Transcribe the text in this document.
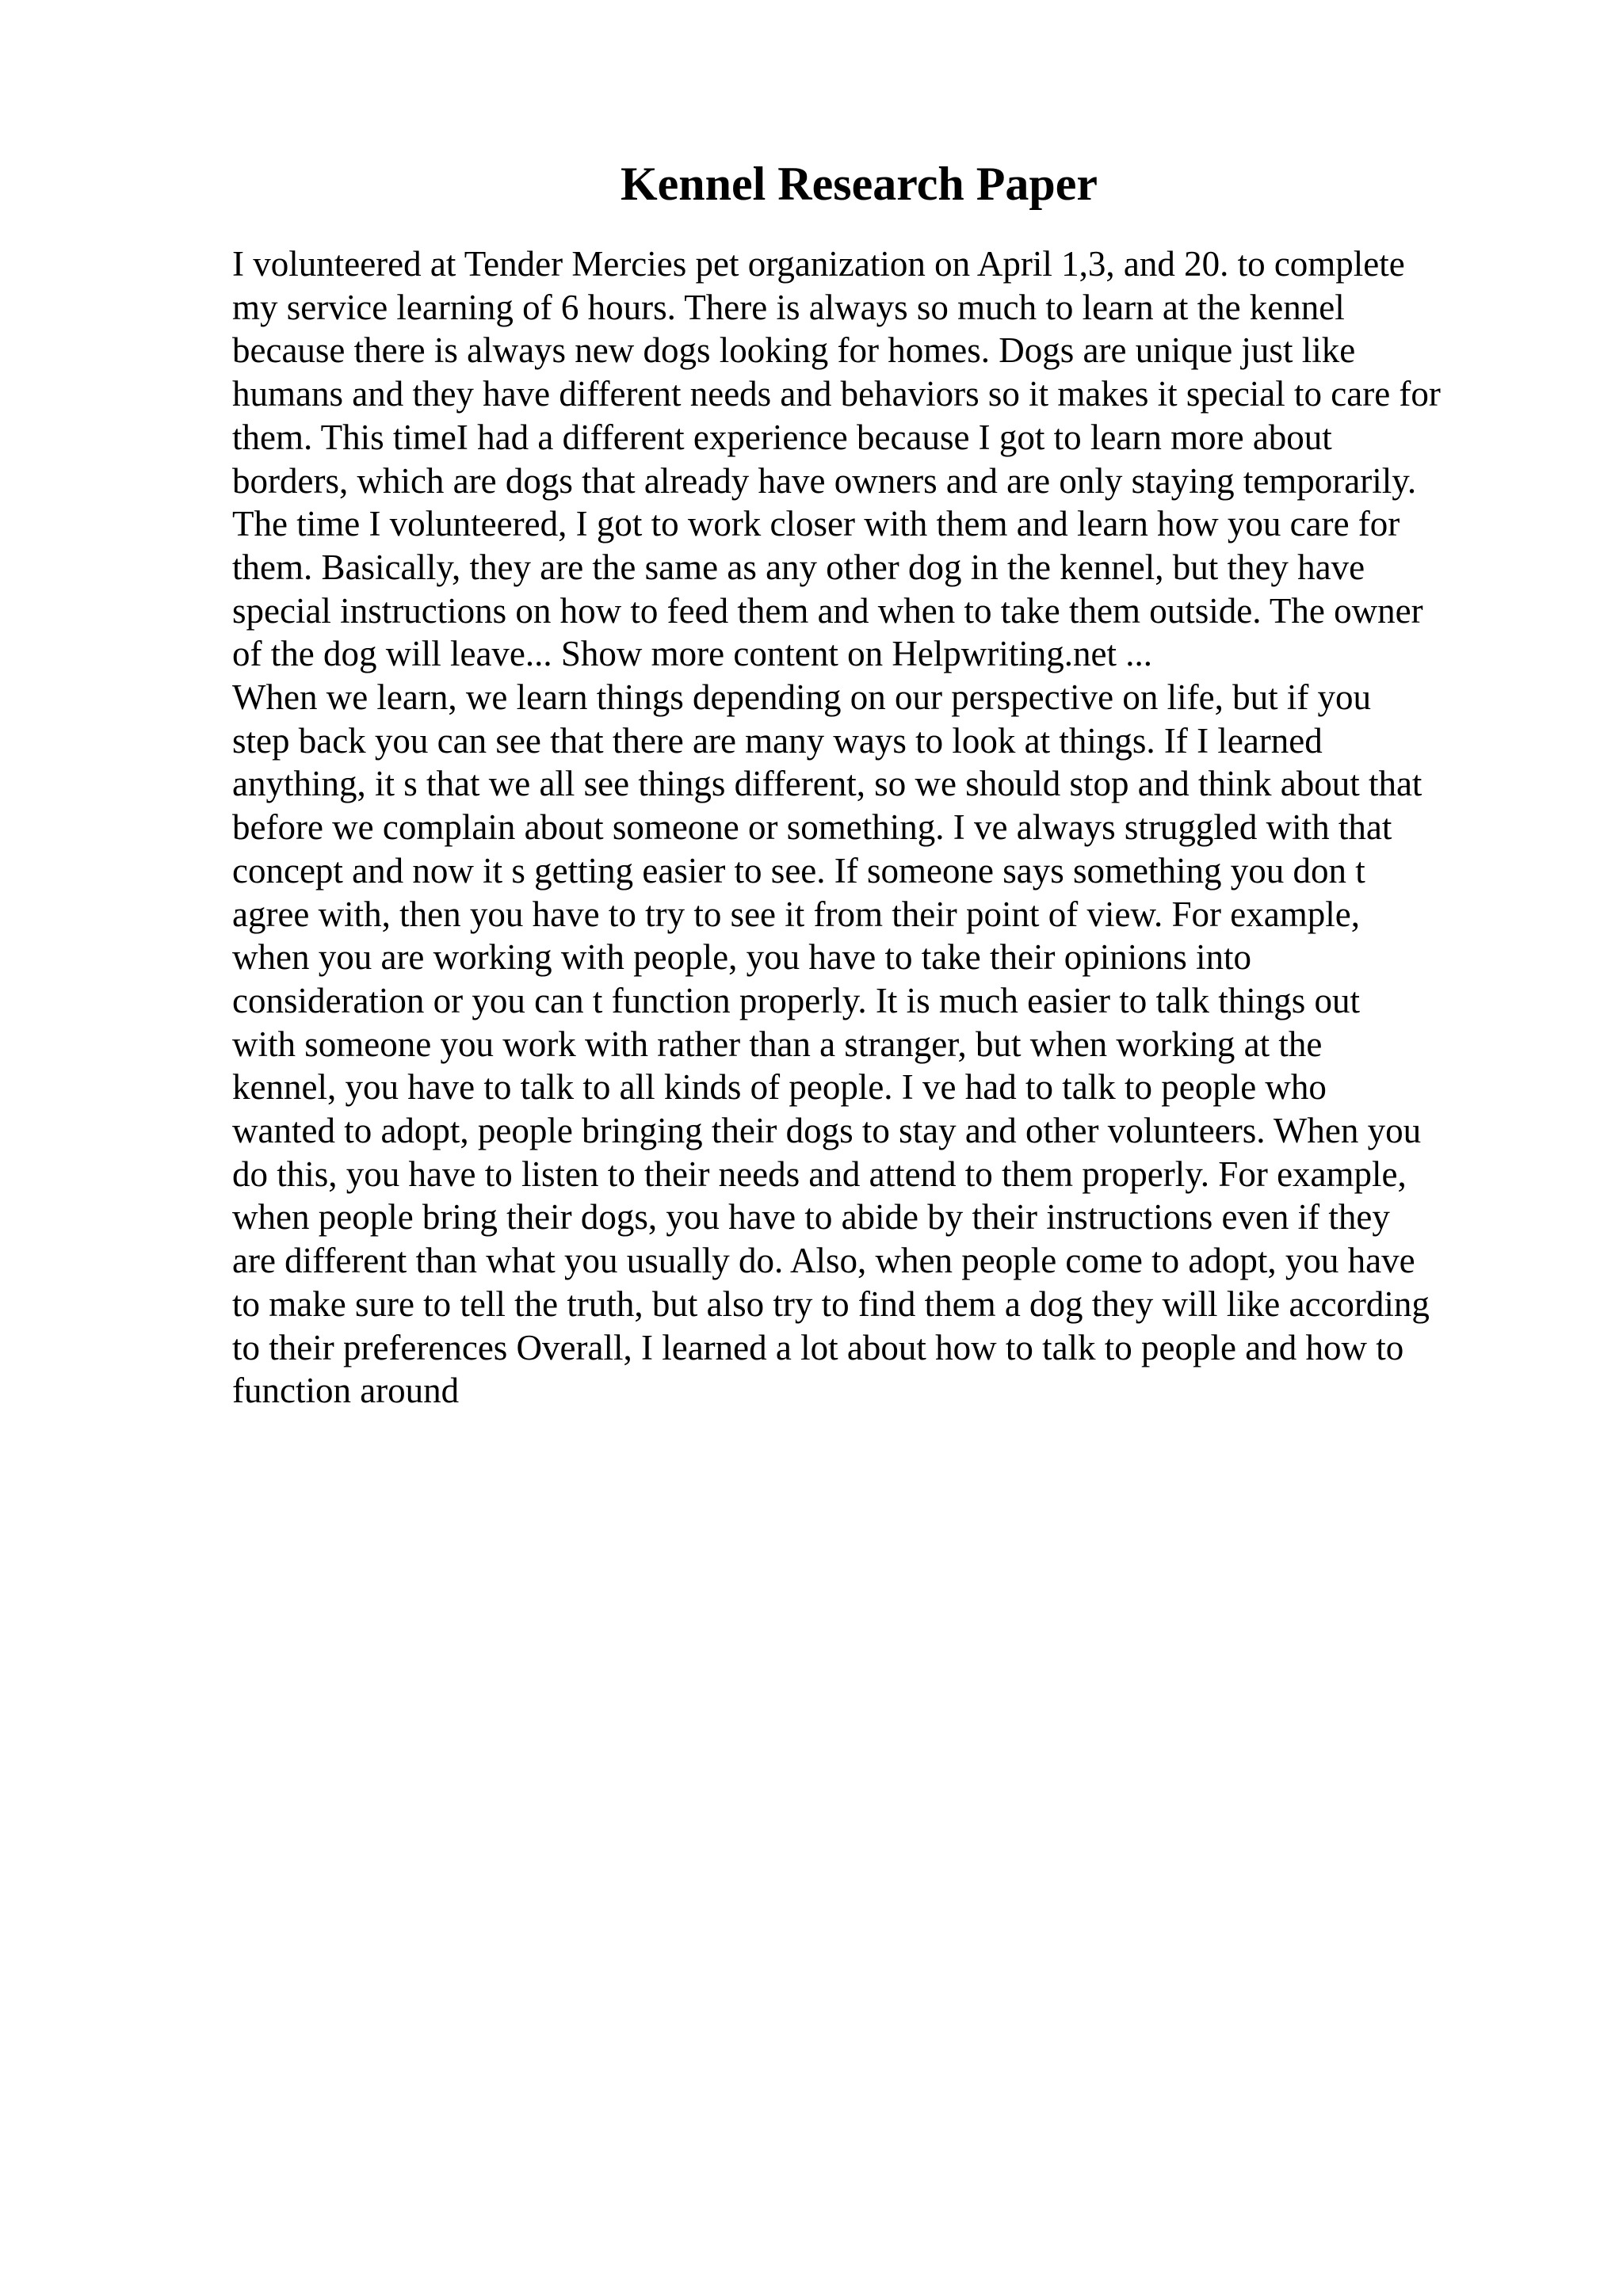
Kennel Research Paper
I volunteered at Tender Mercies pet organization on April 1,3, and 20. to complete
my service learning of 6 hours. There is always so much to learn at the kennel
because there is always new dogs looking for homes. Dogs are unique just like
humans and they have different needs and behaviors so it makes it special to care for
them. This timeI had a different experience because I got to learn more about
borders, which are dogs that already have owners and are only staying temporarily.
The time I volunteered, I got to work closer with them and learn how you care for
them. Basically, they are the same as any other dog in the kennel, but they have
special instructions on how to feed them and when to take them outside. The owner
of the dog will leave... Show more content on Helpwriting.net ...
When we learn, we learn things depending on our perspective on life, but if you
step back you can see that there are many ways to look at things. If I learned
anything, it s that we all see things different, so we should stop and think about that
before we complain about someone or something. I ve always struggled with that
concept and now it s getting easier to see. If someone says something you don t
agree with, then you have to try to see it from their point of view. For example,
when you are working with people, you have to take their opinions into
consideration or you can t function properly. It is much easier to talk things out
with someone you work with rather than a stranger, but when working at the
kennel, you have to talk to all kinds of people. I ve had to talk to people who
wanted to adopt, people bringing their dogs to stay and other volunteers. When you
do this, you have to listen to their needs and attend to them properly. For example,
when people bring their dogs, you have to abide by their instructions even if they
are different than what you usually do. Also, when people come to adopt, you have
to make sure to tell the truth, but also try to find them a dog they will like according
to their preferences Overall, I learned a lot about how to talk to people and how to
function around
